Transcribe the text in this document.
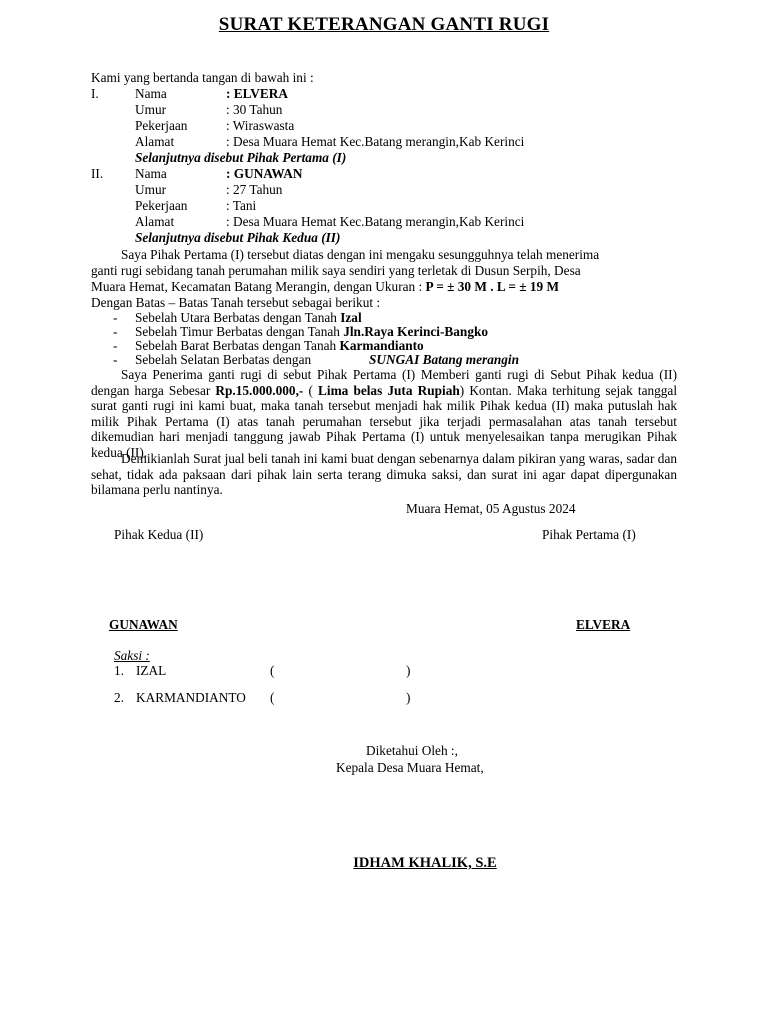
SURAT KETERANGAN GANTI RUGI
Kami yang bertanda tangan di bawah ini :
I.	Nama	: ELVERA
Umur	: 30 Tahun
Pekerjaan	: Wiraswasta
Alamat	: Desa Muara Hemat Kec.Batang merangin,Kab Kerinci
Selanjutnya disebut Pihak Pertama (I)
II. Nama	: GUNAWAN
Umur	: 27 Tahun
Pekerjaan	: Tani
Alamat	: Desa Muara Hemat Kec.Batang merangin,Kab Kerinci
Selanjutnya disebut Pihak Kedua (II)
Saya Pihak Pertama (I) tersebut diatas dengan ini mengaku sesungguhnya telah menerima
ganti rugi sebidang tanah perumahan milik saya sendiri yang terletak di Dusun Serpih, Desa
Muara Hemat, Kecamatan Batang Merangin, dengan Ukuran : P = ± 30 M . L = ± 19 M
Dengan Batas – Batas Tanah tersebut sebagai berikut :
- Sebelah Utara Berbatas dengan Tanah Izal
- Sebelah Timur Berbatas dengan Tanah Jln.Raya Kerinci-Bangko
- Sebelah Barat Berbatas dengan Tanah Karmandianto
- Sebelah Selatan Berbatas dengan	SUNGAI Batang merangin

Saya Penerima ganti rugi di sebut Pihak Pertama (I) Memberi ganti rugi di Sebut Pihak kedua (II) dengan harga Sebesar Rp.15.000.000,- ( Lima belas Juta Rupiah) Kontan. Maka terhitung sejak tanggal surat ganti rugi ini kami buat, maka tanah tersebut menjadi hak milik Pihak kedua (II) maka putuslah hak milik Pihak Pertama (I) atas tanah perumahan tersebut jika terjadi permasalahan atas tanah tersebut dikemudian hari menjadi tanggung jawab Pihak Pertama (I) untuk menyelesaikan tanpa merugikan Pihak kedua (II).

Demikianlah Surat jual beli tanah ini kami buat dengan sebenarnya dalam pikiran yang waras, sadar dan sehat, tidak ada paksaan dari pihak lain serta terang dimuka saksi, dan surat ini agar dapat dipergunakan bilamana perlu nantinya.

Muara Hemat, 05 Agustus 2024
Pihak Kedua (II)	Pihak Pertama (I)
GUNAWAN	ELVERA
Saksi :
1. IZAL	(	)
2. KARMANDIANTO (	)
Diketahui Oleh :,
Kepala Desa Muara Hemat,
IDHAM KHALIK, S.E
